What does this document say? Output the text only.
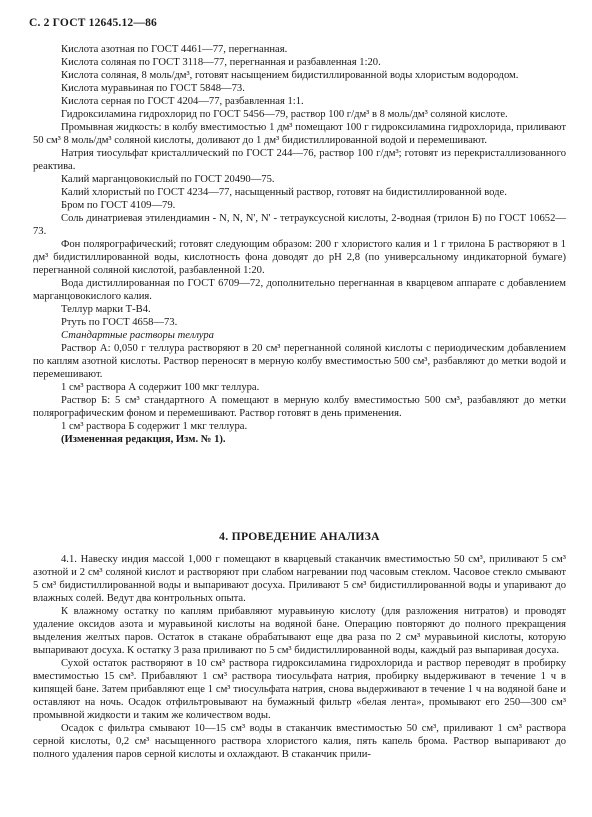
С. 2 ГОСТ 12645.12—86

Кислота азотная по ГОСТ 4461—77, перегнанная.

Кислота соляная по ГОСТ 3118—77, перегнанная и разбавленная 1:20.

Кислота соляная, 8 моль/дм³, готовят насыщением бидистиллированной воды хлористым водородом.

Кислота муравьиная по ГОСТ 5848—73.

Кислота серная по ГОСТ 4204—77, разбавленная 1:1.

Гидроксиламина гидрохлорид по ГОСТ 5456—79, раствор 100 г/дм³ в 8 моль/дм³ соляной кислоте.

Промывная жидкость: в колбу вместимостью 1 дм³ помещают 100 г гидроксиламина гидрохлорида, приливают 50 см³ 8 моль/дм³ соляной кислоты, доливают до 1 дм³ бидистиллированной водой и перемешивают.

Натрия тиосульфат кристаллический по ГОСТ 244—76, раствор 100 г/дм³; готовят из перекристаллизованного реактива.

Калий марганцовокислый по ГОСТ 20490—75.

Калий хлористый по ГОСТ 4234—77, насыщенный раствор, готовят на бидистиллированной воде.

Бром по ГОСТ 4109—79.

Соль динатриевая этилендиамин - N, N, N', N' - тетрауксусной кислоты, 2-водная (трилон Б) по ГОСТ 10652—73.

Фон полярографический; готовят следующим образом: 200 г хлористого калия и 1 г трилона Б растворяют в 1 дм³ бидистиллированной воды, кислотность фона доводят до pH 2,8 (по универсальному индикаторной бумаге) перегнанной соляной кислотой, разбавленной 1:20.

Вода дистиллированная по ГОСТ 6709—72, дополнительно перегнанная в кварцевом аппарате с добавлением марганцовокислого калия.

Теллур марки Т-В4.

Ртуть по ГОСТ 4658—73.

Стандартные растворы теллура

Раствор А: 0,050 г теллура растворяют в 20 см³ перегнанной соляной кислоты с периодическим добавлением по каплям азотной кислоты. Раствор переносят в мерную колбу вместимостью 500 см³, разбавляют до метки водой и перемешивают.

1 см³ раствора А содержит 100 мкг теллура.

Раствор Б: 5 см³ стандартного А помещают в мерную колбу вместимостью 500 см³, разбавляют до метки полярографическим фоном и перемешивают. Раствор готовят в день применения.

1 см³ раствора Б содержит 1 мкг теллура.

(Измененная редакция, Изм. № 1).

4. ПРОВЕДЕНИЕ АНАЛИЗА

4.1. Навеску индия массой 1,000 г помещают в кварцевый стаканчик вместимостью 50 см³, приливают 5 см³ азотной и 2 см³ соляной кислот и растворяют при слабом нагревании под часовым стеклом. Часовое стекло смывают 5 см³ бидистиллированной воды и выпаривают досуха. Приливают 5 см³ бидистиллированной воды и упаривают до влажных солей. Ведут два контрольных опыта.

К влажному остатку по каплям прибавляют муравьиную кислоту (для разложения нитратов) и проводят удаление оксидов азота и муравьиной кислоты на водяной бане. Операцию повторяют до полного прекращения выделения желтых паров. Остаток в стакане обрабатывают еще два раза по 2 см³ муравьиной кислоты, которую выпаривают досуха. К остатку 3 раза приливают по 5 см³ бидистиллированной воды, каждый раз выпаривая досуха.

Сухой остаток растворяют в 10 см³ раствора гидроксиламина гидрохлорида и раствор переводят в пробирку вместимостью 15 см³. Прибавляют 1 см³ раствора тиосульфата натрия, пробирку выдерживают в течение 1 ч в кипящей бане. Затем прибавляют еще 1 см³ тиосульфата натрия, снова выдерживают в течение 1 ч на водяной бане и оставляют на ночь. Осадок отфильтровывают на бумажный фильтр «белая лента», промывают его 250—300 см³ промывной жидкости и таким же количеством воды.

Осадок с фильтра смывают 10—15 см³ воды в стаканчик вместимостью 50 см³, приливают 1 см³ раствора серной кислоты, 0,2 см³ насыщенного раствора хлористого калия, пять капель брома. Раствор выпаривают до полного удаления паров серной кислоты и охлаждают. В стаканчик прили-
